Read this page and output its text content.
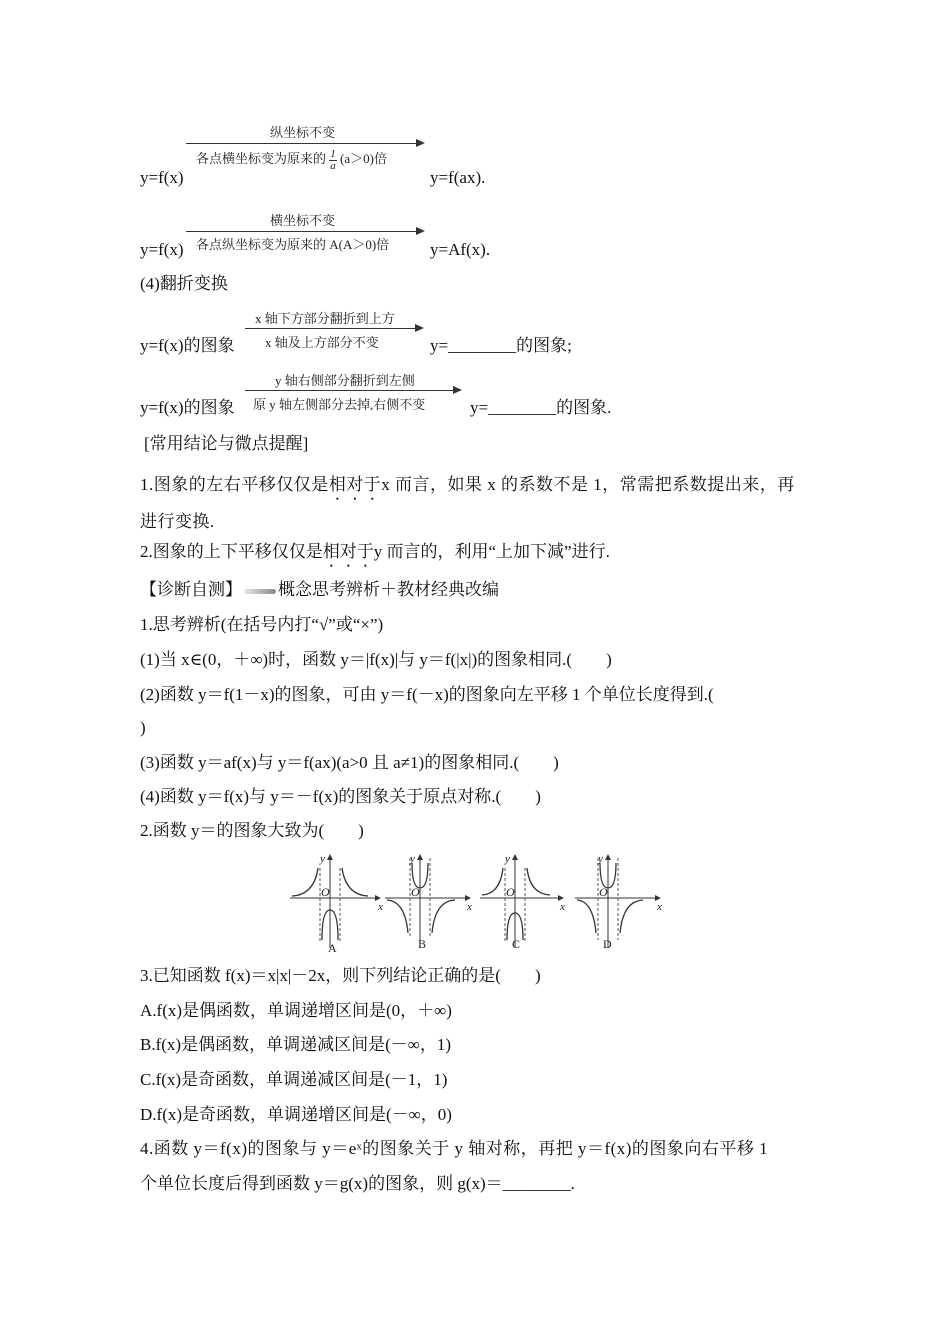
y=f(x)
纵坐标不变
各点横坐标变为原来的 $\frac{1}{a} (a>0)$倍
y=f(ax).
y=f(x)
横坐标不变
各点纵坐标变为原来的 A(A＞0)倍 y=Af(x).
(4)翻折变换
y=f(x)的图象
x 轴下方部分翻折到上方
x 轴及上方部分不变	y=________的图象;
y=f(x)的图象
y 轴右侧部分翻折到左侧
原 y 轴左侧部分去掉,右侧不变	y=________的图象.
[常用结论与微点提醒]
1.图象的左右平移仅仅是相对于x 而言，如果 x 的系数不是 1，常需把系数提出来，再进行变换.
2.图象的上下平移仅仅是相对于y 而言的，利用“上加下减”进行.
【诊断自测】 概念思考辨析＋教材经典改编
1.思考辨析(在括号内打“√”或“×”)
(1)当 x∈(0，＋∞)时，函数 y＝|f(x)|与 y＝f(|x|)的图象相同.(　　)
(2)函数 y＝f(1－x)的图象，可由 y＝f(－x)的图象向左平移 1 个单位长度得到.(
)
(3)函数 y＝af(x)与 y＝f(ax)(a>0 且 a≠1)的图象相同.(　　)
(4)函数 y＝f(x)与 y＝－f(x)的图象关于原点对称.(　　)
2.函数 y＝的图象大致为(　　)
x
y
O
A
x
y
O
B
x
y
O
C
x
y
O
D
3.已知函数 f(x)＝x|x|－2x，则下列结论正确的是(　　)
A.f(x)是偶函数，单调递增区间是(0，＋∞)
B.f(x)是偶函数，单调递减区间是(－∞，1)
C.f(x)是奇函数，单调递减区间是(－1，1)
D.f(x)是奇函数，单调递增区间是(－∞，0)
4.函数 y＝f(x)的图象与 y＝eˣ的图象关于 y 轴对称，再把 y＝f(x)的图象向右平移 1
个单位长度后得到函数 y＝g(x)的图象，则 g(x)＝________.
